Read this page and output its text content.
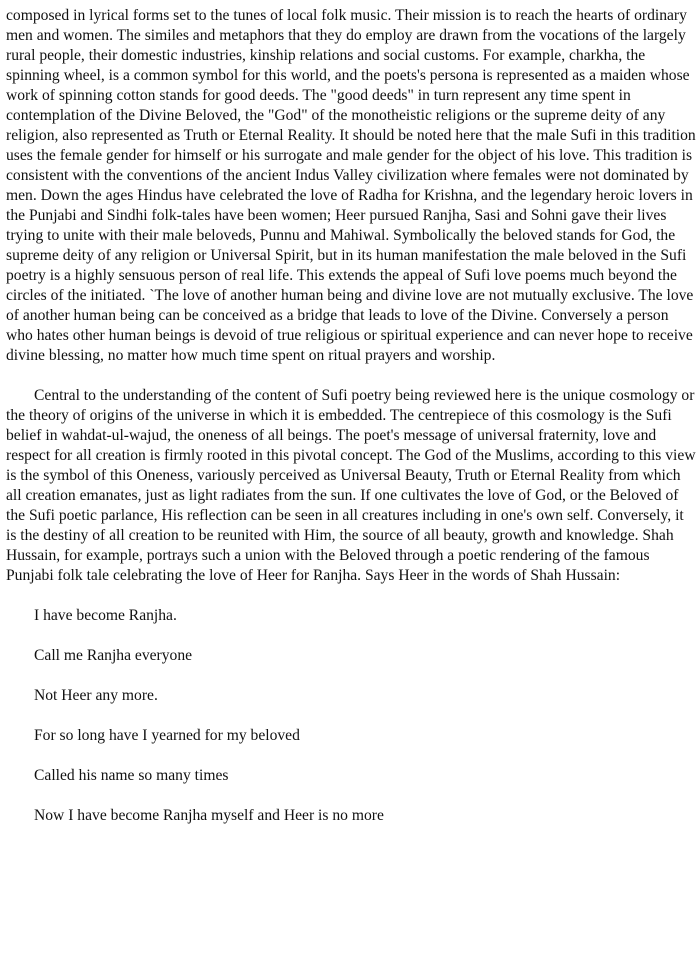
composed in lyrical forms set to the tunes of local folk music. Their mission is to reach the hearts of ordinary men and women. The similes and metaphors that they do employ are drawn from the vocations of the largely rural people, their domestic industries, kinship relations and social customs. For example, charkha, the spinning wheel, is a common symbol for this world, and the poets's persona is represented as a maiden whose work of spinning cotton stands for good deeds. The "good deeds" in turn represent any time spent in contemplation of the Divine Beloved, the "God" of the monotheistic religions or the supreme deity of any religion, also represented as Truth or Eternal Reality. It should be noted here that the male Sufi in this tradition uses the female gender for himself or his surrogate and male gender for the object of his love. This tradition is consistent with the conventions of the ancient Indus Valley civilization where females were not dominated by men. Down the ages Hindus have celebrated the love of Radha for Krishna, and the legendary heroic lovers in the Punjabi and Sindhi folk-tales have been women; Heer pursued Ranjha, Sasi and Sohni gave their lives trying to unite with their male beloveds, Punnu and Mahiwal. Symbolically the beloved stands for God, the supreme deity of any religion or Universal Spirit, but in its human manifestation the male beloved in the Sufi poetry is a highly sensuous person of real life. This extends the appeal of Sufi love poems much beyond the circles of the initiated. `The love of another human being and divine love are not mutually exclusive. The love of another human being can be conceived as a bridge that leads to love of the Divine. Conversely a person who hates other human beings is devoid of true religious or spiritual experience and can never hope to receive divine blessing, no matter how much time spent on ritual prayers and worship.

Central to the understanding of the content of Sufi poetry being reviewed here is the unique cosmology or the theory of origins of the universe in which it is embedded. The centrepiece of this cosmology is the Sufi belief in wahdat-ul-wajud, the oneness of all beings. The poet's message of universal fraternity, love and respect for all creation is firmly rooted in this pivotal concept. The God of the Muslims, according to this view is the symbol of this Oneness, variously perceived as Universal Beauty, Truth or Eternal Reality from which all creation emanates, just as light radiates from the sun. If one cultivates the love of God, or the Beloved of the Sufi poetic parlance, His reflection can be seen in all creatures including in one's own self. Conversely, it is the destiny of all creation to be reunited with Him, the source of all beauty, growth and knowledge. Shah Hussain, for example, portrays such a union with the Beloved through a poetic rendering of the famous Punjabi folk tale celebrating the love of Heer for Ranjha. Says Heer in the words of Shah Hussain:

I have become Ranjha.

Call me Ranjha everyone

Not Heer any more.

For so long have I yearned for my beloved

Called his name so many times

Now I have become Ranjha myself and Heer is no more
